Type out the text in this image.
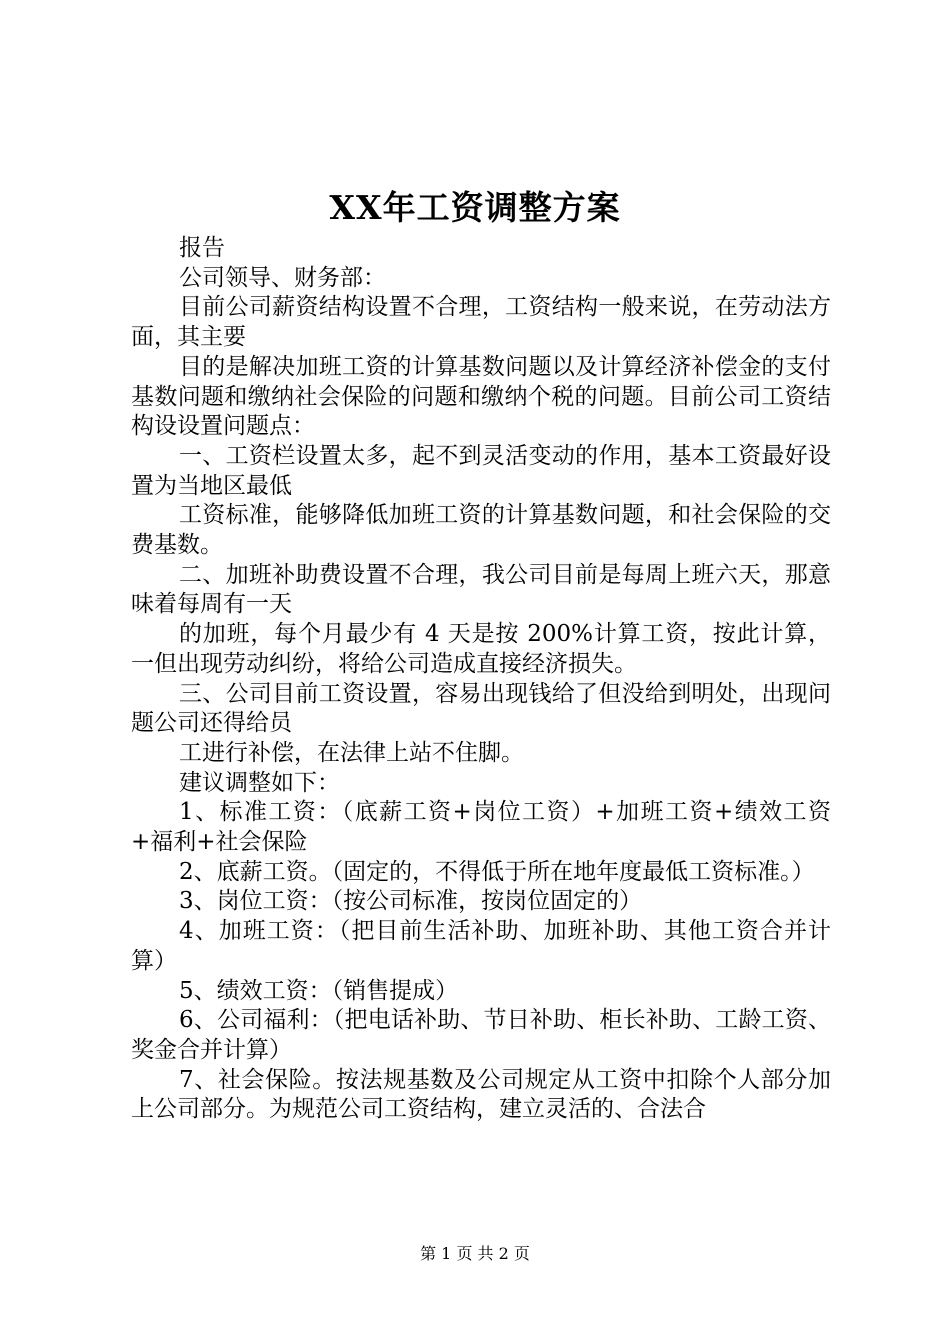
XX年工资调整方案

报告

公司领导、财务部：

目前公司薪资结构设置不合理，工资结构一般来说，在劳动法方面，其主要

目的是解决加班工资的计算基数问题以及计算经济补偿金的支付基数问题和缴纳社会保险的问题和缴纳个税的问题。目前公司工资结构设设置问题点：

一、工资栏设置太多，起不到灵活变动的作用，基本工资最好设置为当地区最低

工资标准，能够降低加班工资的计算基数问题，和社会保险的交费基数。

二、加班补助费设置不合理，我公司目前是每周上班六天，那意味着每周有一天

的加班，每个月最少有 4 天是按 200%计算工资，按此计算，一但出现劳动纠纷，将给公司造成直接经济损失。

三、公司目前工资设置，容易出现钱给了但没给到明处，出现问题公司还得给员

工进行补偿，在法律上站不住脚。

建议调整如下：

1、标准工资：（底薪工资+岗位工资）+加班工资+绩效工资+福利+社会保险

2、底薪工资。（固定的，不得低于所在地年度最低工资标准。）

3、岗位工资：（按公司标准，按岗位固定的）

4、加班工资：（把目前生活补助、加班补助、其他工资合并计算）

5、绩效工资：（销售提成）

6、公司福利：（把电话补助、节日补助、柜长补助、工龄工资、奖金合并计算）

7、社会保险。按法规基数及公司规定从工资中扣除个人部分加上公司部分。为规范公司工资结构，建立灵活的、合法合

第 1 页 共 2 页
